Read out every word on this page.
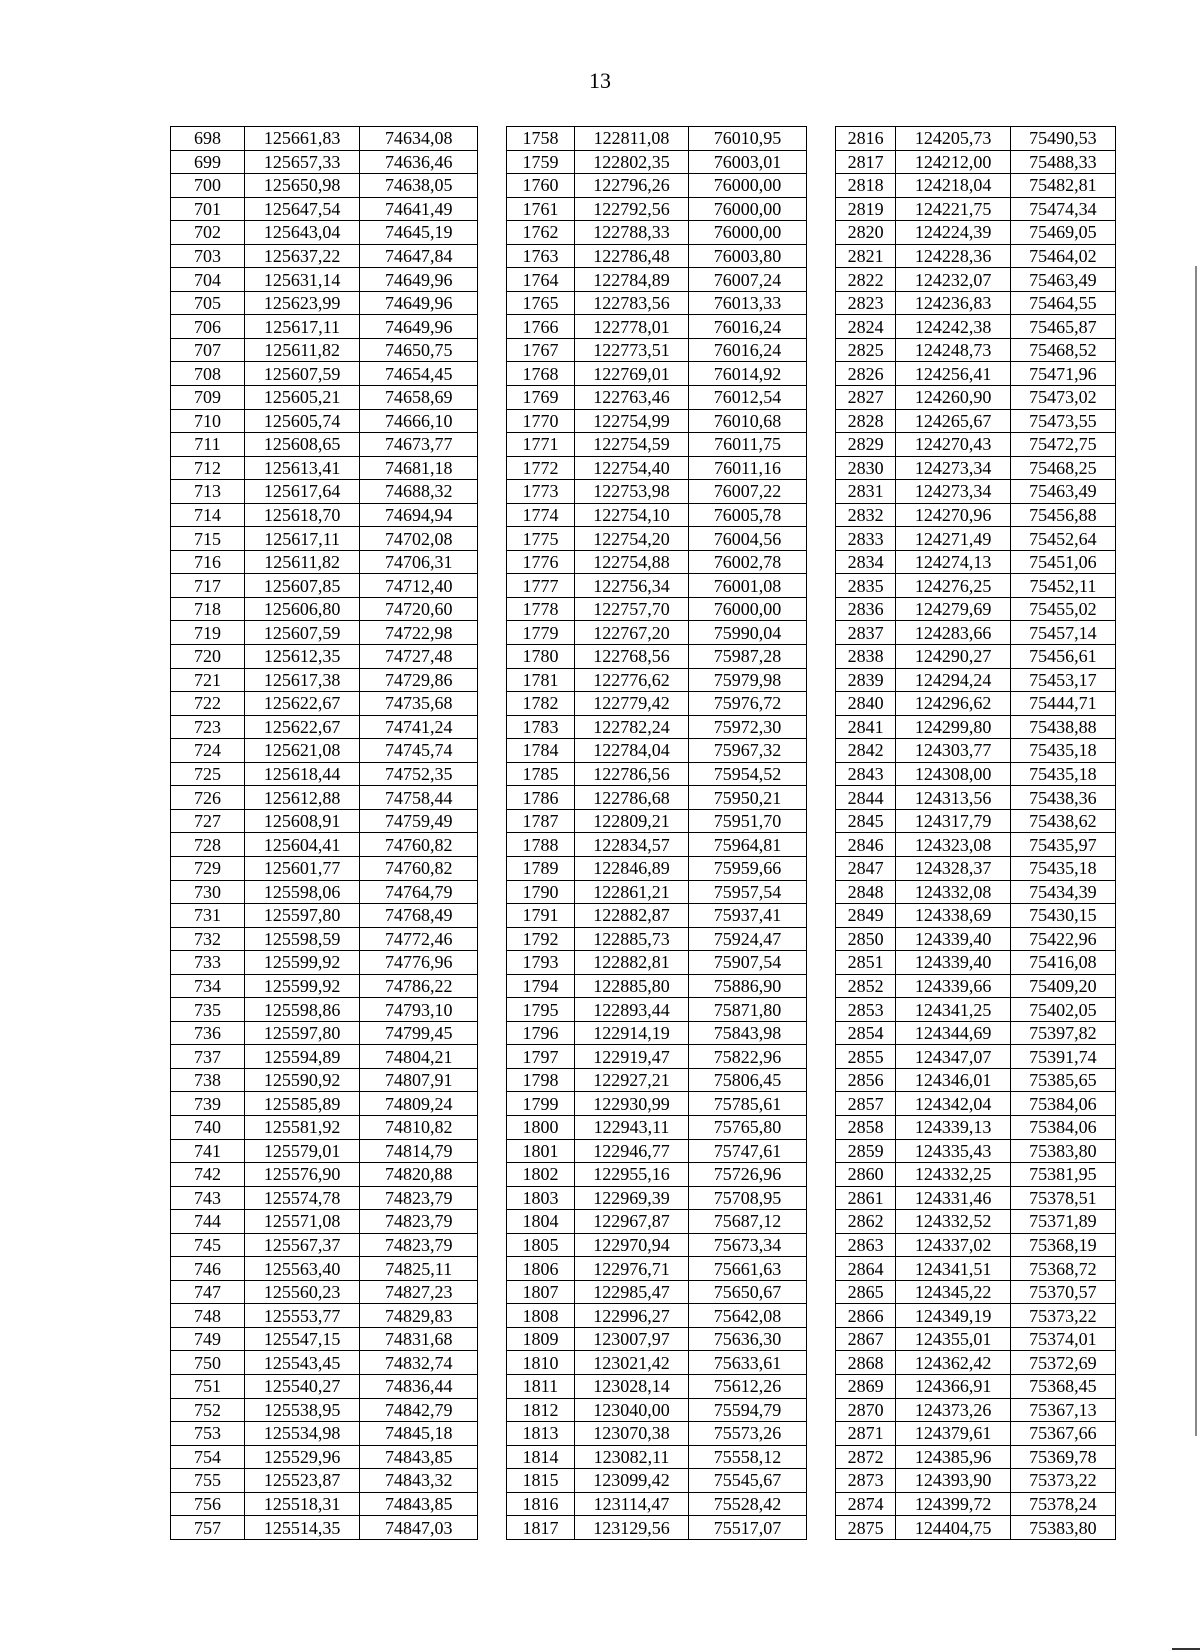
13
698	125661,83	74634,08		1758	122811,08	76010,95		2816	124205,73	75490,53
699	125657,33	74636,46		1759	122802,35	76003,01		2817	124212,00	75488,33
700	125650,98	74638,05		1760	122796,26	76000,00		2818	124218,04	75482,81
701	125647,54	74641,49		1761	122792,56	76000,00		2819	124221,75	75474,34
702	125643,04	74645,19		1762	122788,33	76000,00		2820	124224,39	75469,05
703	125637,22	74647,84		1763	122786,48	76003,80		2821	124228,36	75464,02
704	125631,14	74649,96		1764	122784,89	76007,24		2822	124232,07	75463,49
705	125623,99	74649,96		1765	122783,56	76013,33		2823	124236,83	75464,55
706	125617,11	74649,96		1766	122778,01	76016,24		2824	124242,38	75465,87
707	125611,82	74650,75		1767	122773,51	76016,24		2825	124248,73	75468,52
708	125607,59	74654,45		1768	122769,01	76014,92		2826	124256,41	75471,96
709	125605,21	74658,69		1769	122763,46	76012,54		2827	124260,90	75473,02
710	125605,74	74666,10		1770	122754,99	76010,68		2828	124265,67	75473,55
711	125608,65	74673,77		1771	122754,59	76011,75		2829	124270,43	75472,75
712	125613,41	74681,18		1772	122754,40	76011,16		2830	124273,34	75468,25
713	125617,64	74688,32		1773	122753,98	76007,22		2831	124273,34	75463,49
714	125618,70	74694,94		1774	122754,10	76005,78		2832	124270,96	75456,88
715	125617,11	74702,08		1775	122754,20	76004,56		2833	124271,49	75452,64
716	125611,82	74706,31		1776	122754,88	76002,78		2834	124274,13	75451,06
717	125607,85	74712,40		1777	122756,34	76001,08		2835	124276,25	75452,11
718	125606,80	74720,60		1778	122757,70	76000,00		2836	124279,69	75455,02
719	125607,59	74722,98		1779	122767,20	75990,04		2837	124283,66	75457,14
720	125612,35	74727,48		1780	122768,56	75987,28		2838	124290,27	75456,61
721	125617,38	74729,86		1781	122776,62	75979,98		2839	124294,24	75453,17
722	125622,67	74735,68		1782	122779,42	75976,72		2840	124296,62	75444,71
723	125622,67	74741,24		1783	122782,24	75972,30		2841	124299,80	75438,88
724	125621,08	74745,74		1784	122784,04	75967,32		2842	124303,77	75435,18
725	125618,44	74752,35		1785	122786,56	75954,52		2843	124308,00	75435,18
726	125612,88	74758,44		1786	122786,68	75950,21		2844	124313,56	75438,36
727	125608,91	74759,49		1787	122809,21	75951,70		2845	124317,79	75438,62
728	125604,41	74760,82		1788	122834,57	75964,81		2846	124323,08	75435,97
729	125601,77	74760,82		1789	122846,89	75959,66		2847	124328,37	75435,18
730	125598,06	74764,79		1790	122861,21	75957,54		2848	124332,08	75434,39
731	125597,80	74768,49		1791	122882,87	75937,41		2849	124338,69	75430,15
732	125598,59	74772,46		1792	122885,73	75924,47		2850	124339,40	75422,96
733	125599,92	74776,96		1793	122882,81	75907,54		2851	124339,40	75416,08
734	125599,92	74786,22		1794	122885,80	75886,90		2852	124339,66	75409,20
735	125598,86	74793,10		1795	122893,44	75871,80		2853	124341,25	75402,05
736	125597,80	74799,45		1796	122914,19	75843,98		2854	124344,69	75397,82
737	125594,89	74804,21		1797	122919,47	75822,96		2855	124347,07	75391,74
738	125590,92	74807,91		1798	122927,21	75806,45		2856	124346,01	75385,65
739	125585,89	74809,24		1799	122930,99	75785,61		2857	124342,04	75384,06
740	125581,92	74810,82		1800	122943,11	75765,80		2858	124339,13	75384,06
741	125579,01	74814,79		1801	122946,77	75747,61		2859	124335,43	75383,80
742	125576,90	74820,88		1802	122955,16	75726,96		2860	124332,25	75381,95
743	125574,78	74823,79		1803	122969,39	75708,95		2861	124331,46	75378,51
744	125571,08	74823,79		1804	122967,87	75687,12		2862	124332,52	75371,89
745	125567,37	74823,79		1805	122970,94	75673,34		2863	124337,02	75368,19
746	125563,40	74825,11		1806	122976,71	75661,63		2864	124341,51	75368,72
747	125560,23	74827,23		1807	122985,47	75650,67		2865	124345,22	75370,57
748	125553,77	74829,83		1808	122996,27	75642,08		2866	124349,19	75373,22
749	125547,15	74831,68		1809	123007,97	75636,30		2867	124355,01	75374,01
750	125543,45	74832,74		1810	123021,42	75633,61		2868	124362,42	75372,69
751	125540,27	74836,44		1811	123028,14	75612,26		2869	124366,91	75368,45
752	125538,95	74842,79		1812	123040,00	75594,79		2870	124373,26	75367,13
753	125534,98	74845,18		1813	123070,38	75573,26		2871	124379,61	75367,66
754	125529,96	74843,85		1814	123082,11	75558,12		2872	124385,96	75369,78
755	125523,87	74843,32		1815	123099,42	75545,67		2873	124393,90	75373,22
756	125518,31	74843,85		1816	123114,47	75528,42		2874	124399,72	75378,24
757	125514,35	74847,03		1817	123129,56	75517,07		2875	124404,75	75383,80
